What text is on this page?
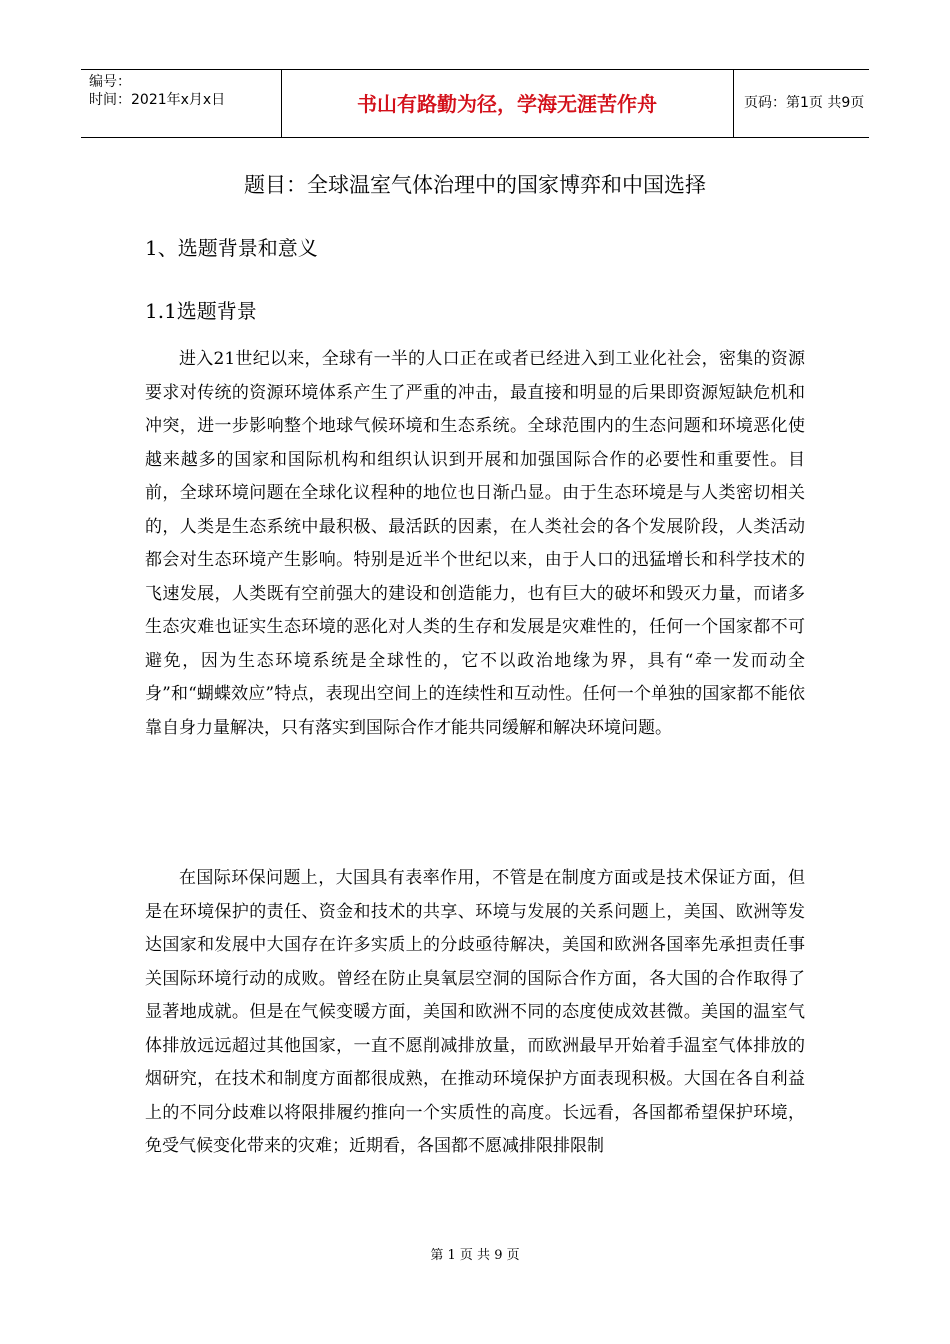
编号：
时间：2021年x月x日	书山有路勤为径，学海无涯苦作舟	页码：第1页 共9页
题目：全球温室气体治理中的国家博弈和中国选择
1、选题背景和意义
1.1选题背景

进入21世纪以来，全球有一半的人口正在或者已经进入到工业化社会，密集的资源要求对传统的资源环境体系产生了严重的冲击，最直接和明显的后果即资源短缺危机和冲突，进一步影响整个地球气候环境和生态系统。全球范围内的生态问题和环境恶化使越来越多的国家和国际机构和组织认识到开展和加强国际合作的必要性和重要性。目前，全球环境问题在全球化议程种的地位也日渐凸显。由于生态环境是与人类密切相关的，人类是生态系统中最积极、最活跃的因素，在人类社会的各个发展阶段，人类活动都会对生态环境产生影响。特别是近半个世纪以来，由于人口的迅猛增长和科学技术的飞速发展，人类既有空前强大的建设和创造能力，也有巨大的破坏和毁灭力量，而诸多生态灾难也证实生态环境的恶化对人类的生存和发展是灾难性的，任何一个国家都不可避免，因为生态环境系统是全球性的，它不以政治地缘为界，具有“牵一发而动全身”和“蝴蝶效应”特点，表现出空间上的连续性和互动性。任何一个单独的国家都不能依靠自身力量解决，只有落实到国际合作才能共同缓解和解决环境问题。

在国际环保问题上，大国具有表率作用，不管是在制度方面或是技术保证方面，但是在环境保护的责任、资金和技术的共享、环境与发展的关系问题上，美国、欧洲等发达国家和发展中大国存在许多实质上的分歧亟待解决，美国和欧洲各国率先承担责任事关国际环境行动的成败。曾经在防止臭氧层空洞的国际合作方面，各大国的合作取得了显著地成就。但是在气候变暖方面，美国和欧洲不同的态度使成效甚微。美国的温室气体排放远远超过其他国家，一直不愿削减排放量，而欧洲最早开始着手温室气体排放的烟研究，在技术和制度方面都很成熟，在推动环境保护方面表现积极。大国在各自利益上的不同分歧难以将限排履约推向一个实质性的高度。长远看，各国都希望保护环境，免受气候变化带来的灾难；近期看，各国都不愿减排限排限制

第 1 页 共 9 页
